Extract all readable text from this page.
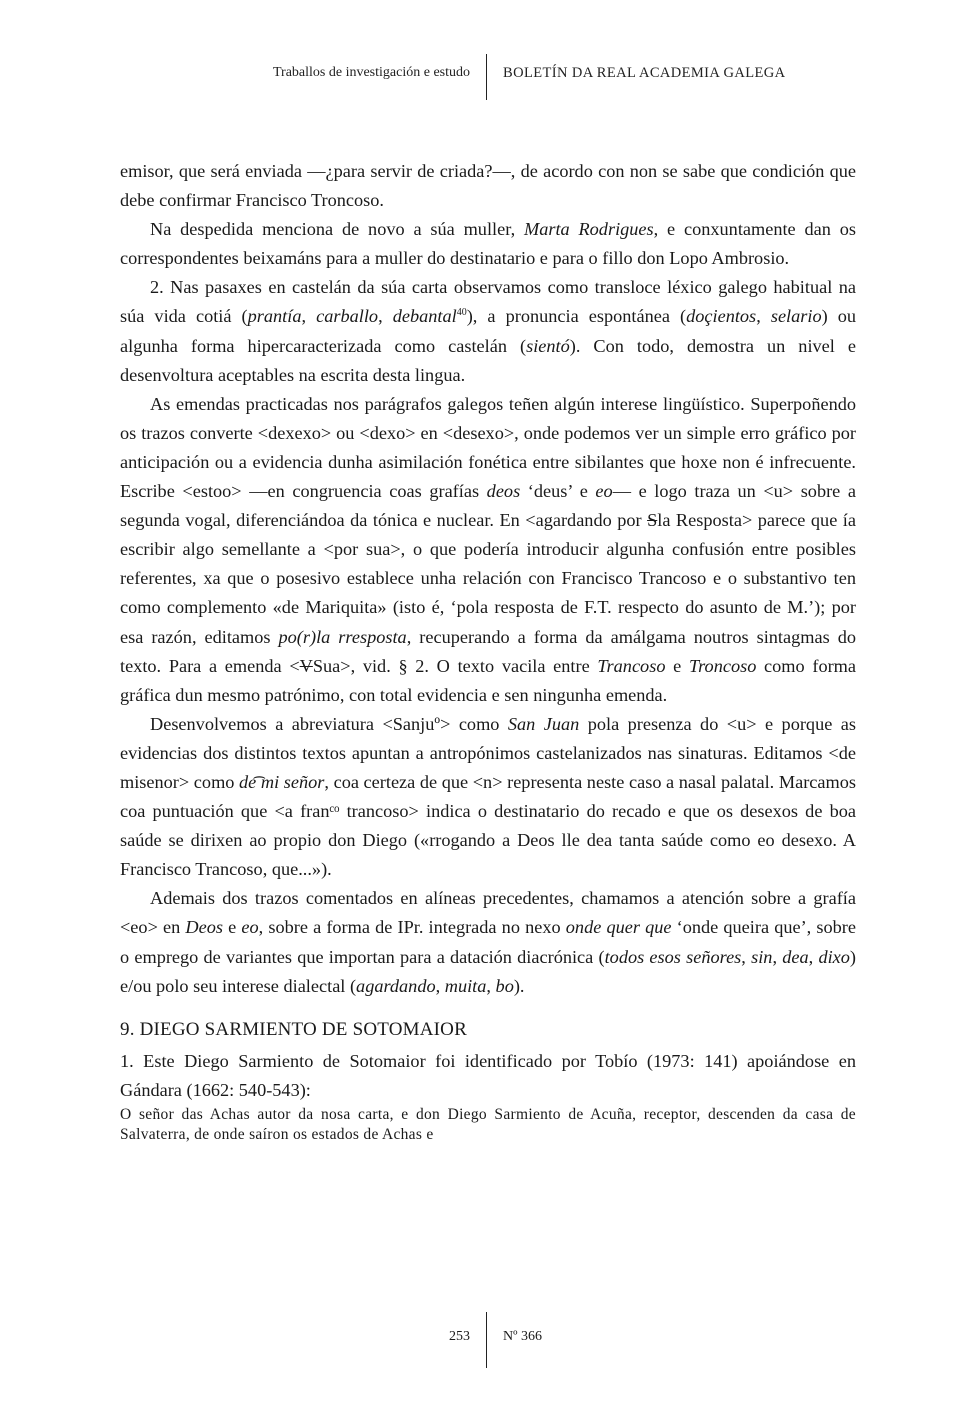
Traballos de investigación e estudo BOLETÍN DA REAL ACADEMIA GALEGA

emisor, que será enviada —¿para servir de criada?—, de acordo con non se sabe que condición que debe confirmar Francisco Troncoso.

Na despedida menciona de novo a súa muller, Marta Rodrigues, e conxuntamente dan os correspondentes beixamáns para a muller do destinatario e para o fillo don Lopo Ambrosio.

2. Nas pasaxes en castelán da súa carta observamos como transloce léxico galego habitual na súa vida cotiá (prantía, carballo, debantal$^{40}$), a pronuncia espontánea (doçientos, selario) ou algunha forma hipercaracterizada como castelán (sientó). Con todo, demostra un nivel e desenvoltura aceptables na escrita desta lingua.

As emendas practicadas nos parágrafos galegos teñen algún interese lingüístico. Superpoñendo os trazos converte <dexexo> ou <dexo> en <desexo>, onde podemos ver un simple erro gráfico por anticipación ou a evidencia dunha asimilación fonética entre sibilantes que hoxe non é infrecuente. Escribe <estoo> —en congruencia coas grafías deos ‘deus’ e eo— e logo traza un <u> sobre a segunda vogal, diferenciándoa da tónica e nuclear. En <agardando por Sla Resposta> parece que ía escribir algo semellante a <por sua>, o que podería introducir algunha confusión entre posibles referentes, xa que o posesivo establece unha relación con Francisco Trancoso e o substantivo ten como complemento «de Mariquita» (isto é, ‘pola resposta de F.T. respecto do asunto de M.’); por esa razón, editamos po(r)la rresposta, recuperando a forma da amálgama noutros sintagmas do texto. Para a emenda <VSua>, vid. § 2. O texto vacila entre Trancoso e Troncoso como forma gráfica dun mesmo patrónimo, con total evidencia e sen ningunha emenda.

Desenvolvemos a abreviatura <Sanjuº> como San Juan pola presenza do <u> e porque as evidencias dos distintos textos apuntan a antropónimos castelanizados nas sinaturas. Editamos <de misenor> como de͡ mi señor, coa certeza de que <n> representa neste caso a nasal palatal. Marcamos coa puntuación que <a franᶜᵒ trancoso> indica o destinatario do recado e que os desexos de boa saúde se dirixen ao propio don Diego («rrogando a Deos lle dea tanta saúde como eo desexo. A Francisco Trancoso, que...»).

Ademais dos trazos comentados en alíneas precedentes, chamamos a atención sobre a grafía <eo> en Deos e eo, sobre a forma de IPr. integrada no nexo onde quer que ‘onde queira que’, sobre o emprego de variantes que importan para a datación diacrónica (todos esos señores, sin, dea, dixo) e/ou polo seu interese dialectal (agardando, muita, bo).

9. DIEGO SARMIENTO DE SOTOMAIOR

1. Este Diego Sarmiento de Sotomaior foi identificado por Tobío (1973: 141) apoiándose en Gándara (1662: 540-543):

O señor das Achas autor da nosa carta, e don Diego Sarmiento de Acuña, receptor, descenden da casa de Salvaterra, de onde saíron os estados de Achas e

253 Nº 366
